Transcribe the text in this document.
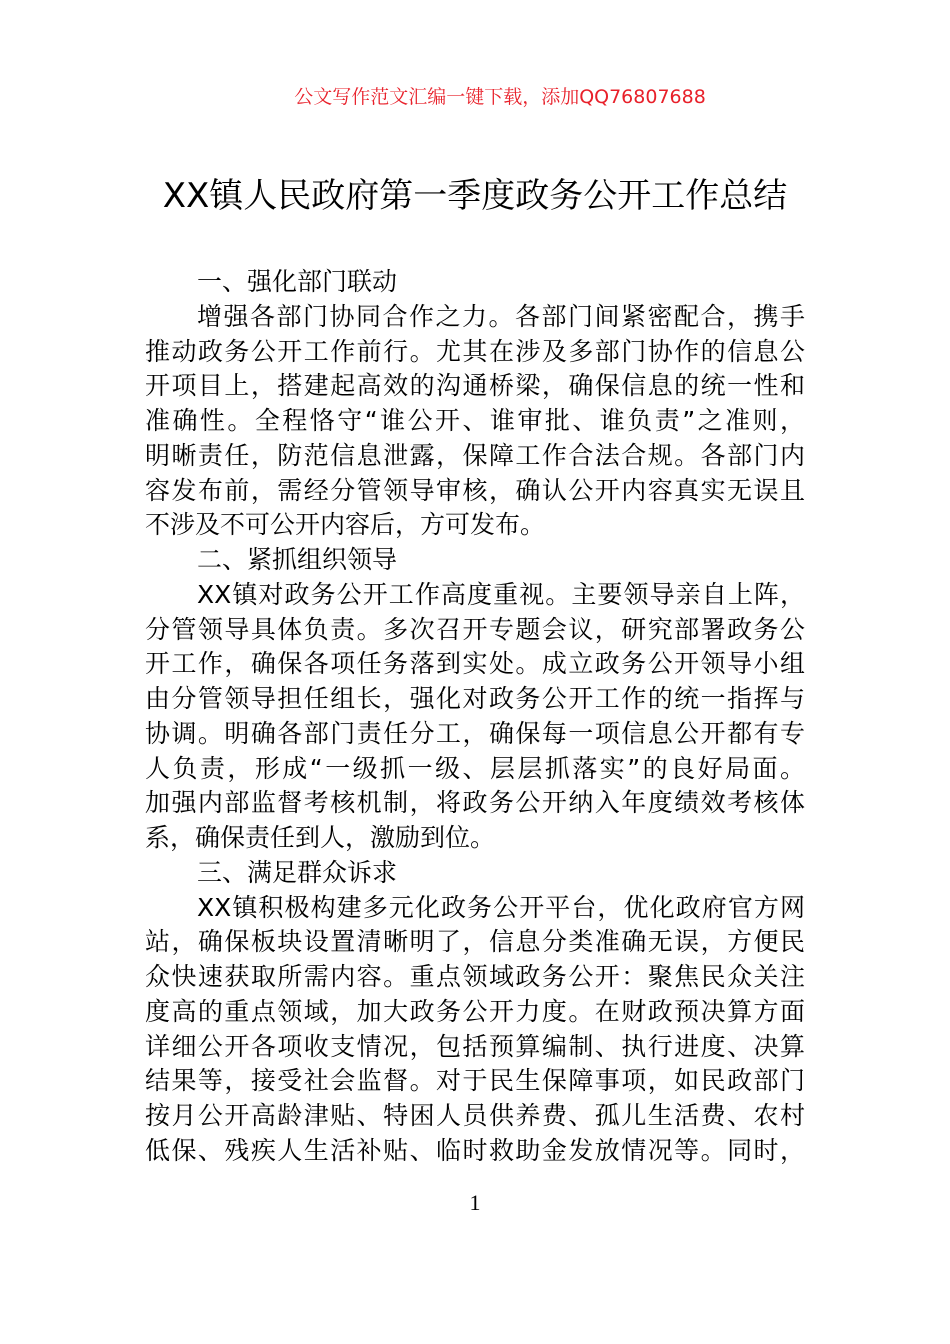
公文写作范文汇编一键下载，添加QQ76807688
XX镇人民政府第一季度政务公开工作总结
一、强化部门联动
增强各部门协同合作之力。各部门间紧密配合，携手
推动政务公开工作前行。尤其在涉及多部门协作的信息公
开项目上，搭建起高效的沟通桥梁，确保信息的统一性和
准确性。全程恪守“谁公开、谁审批、谁负责”之准则，
明晰责任，防范信息泄露，保障工作合法合规。各部门内
容发布前，需经分管领导审核，确认公开内容真实无误且
不涉及不可公开内容后，方可发布。
二、紧抓组织领导
XX镇对政务公开工作高度重视。主要领导亲自上阵，
分管领导具体负责。多次召开专题会议，研究部署政务公
开工作，确保各项任务落到实处。成立政务公开领导小组
由分管领导担任组长，强化对政务公开工作的统一指挥与
协调。明确各部门责任分工，确保每一项信息公开都有专
人负责，形成“一级抓一级、层层抓落实”的良好局面。
加强内部监督考核机制，将政务公开纳入年度绩效考核体
系，确保责任到人，激励到位。
三、满足群众诉求
XX镇积极构建多元化政务公开平台，优化政府官方网
站，确保板块设置清晰明了，信息分类准确无误，方便民
众快速获取所需内容。重点领域政务公开：聚焦民众关注
度高的重点领域，加大政务公开力度。在财政预决算方面
详细公开各项收支情况，包括预算编制、执行进度、决算
结果等，接受社会监督。对于民生保障事项，如民政部门
按月公开高龄津贴、特困人员供养费、孤儿生活费、农村
低保、残疾人生活补贴、临时救助金发放情况等。同时，
1
